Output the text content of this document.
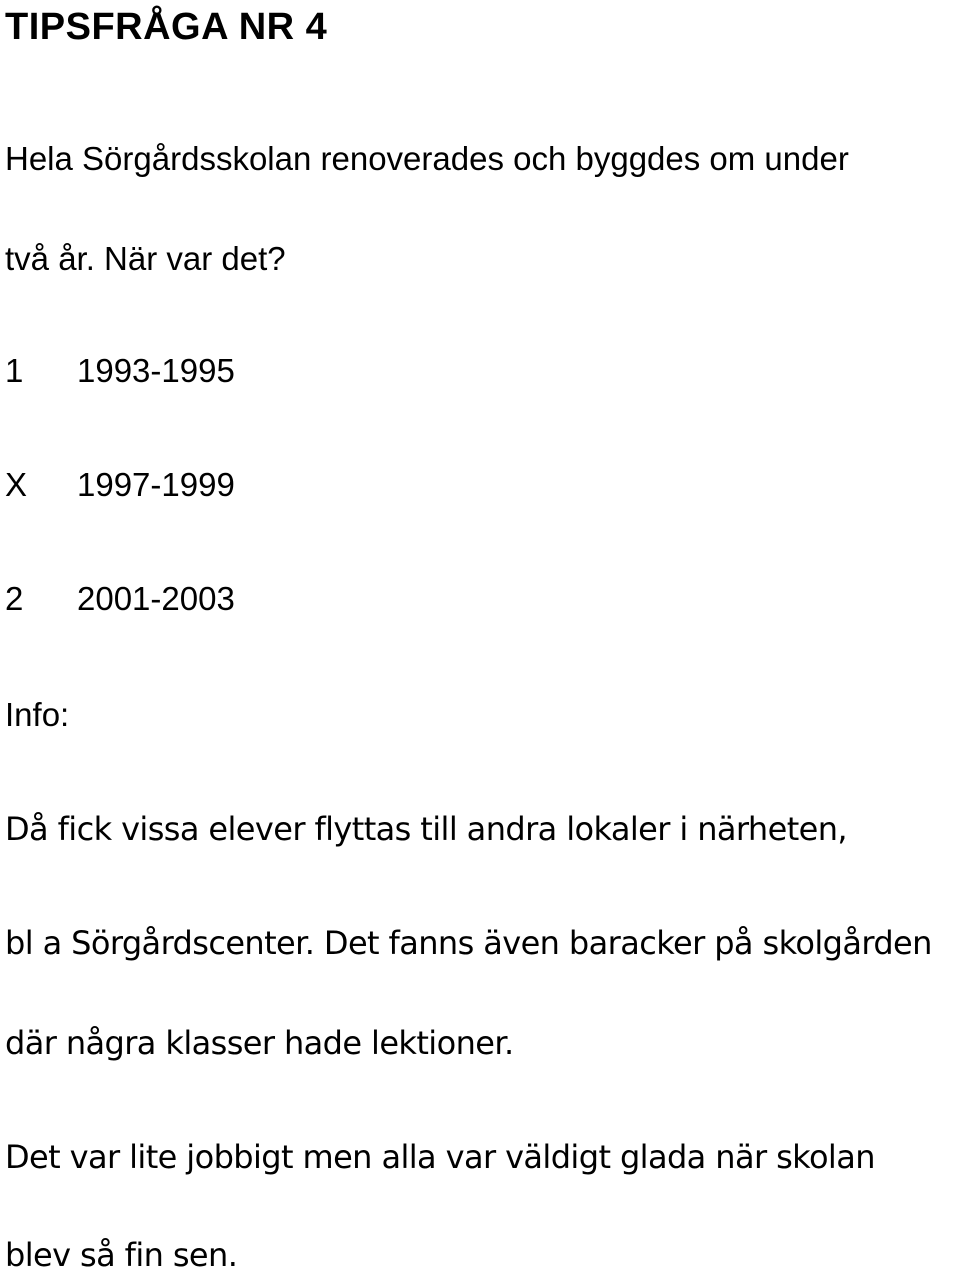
TIPSFRÅGA NR 4

Hela Sörgårdsskolan renoverades och byggdes om under

två år. När var det?

1 1993-1995
X 1997-1999
2 2001-2003

Info:

Då fick vissa elever flyttas till andra lokaler i närheten,

bl a Sörgårdscenter. Det fanns även baracker på skolgården

där några klasser hade lektioner.

Det var lite jobbigt men alla var väldigt glada när skolan

blev så fin sen.
